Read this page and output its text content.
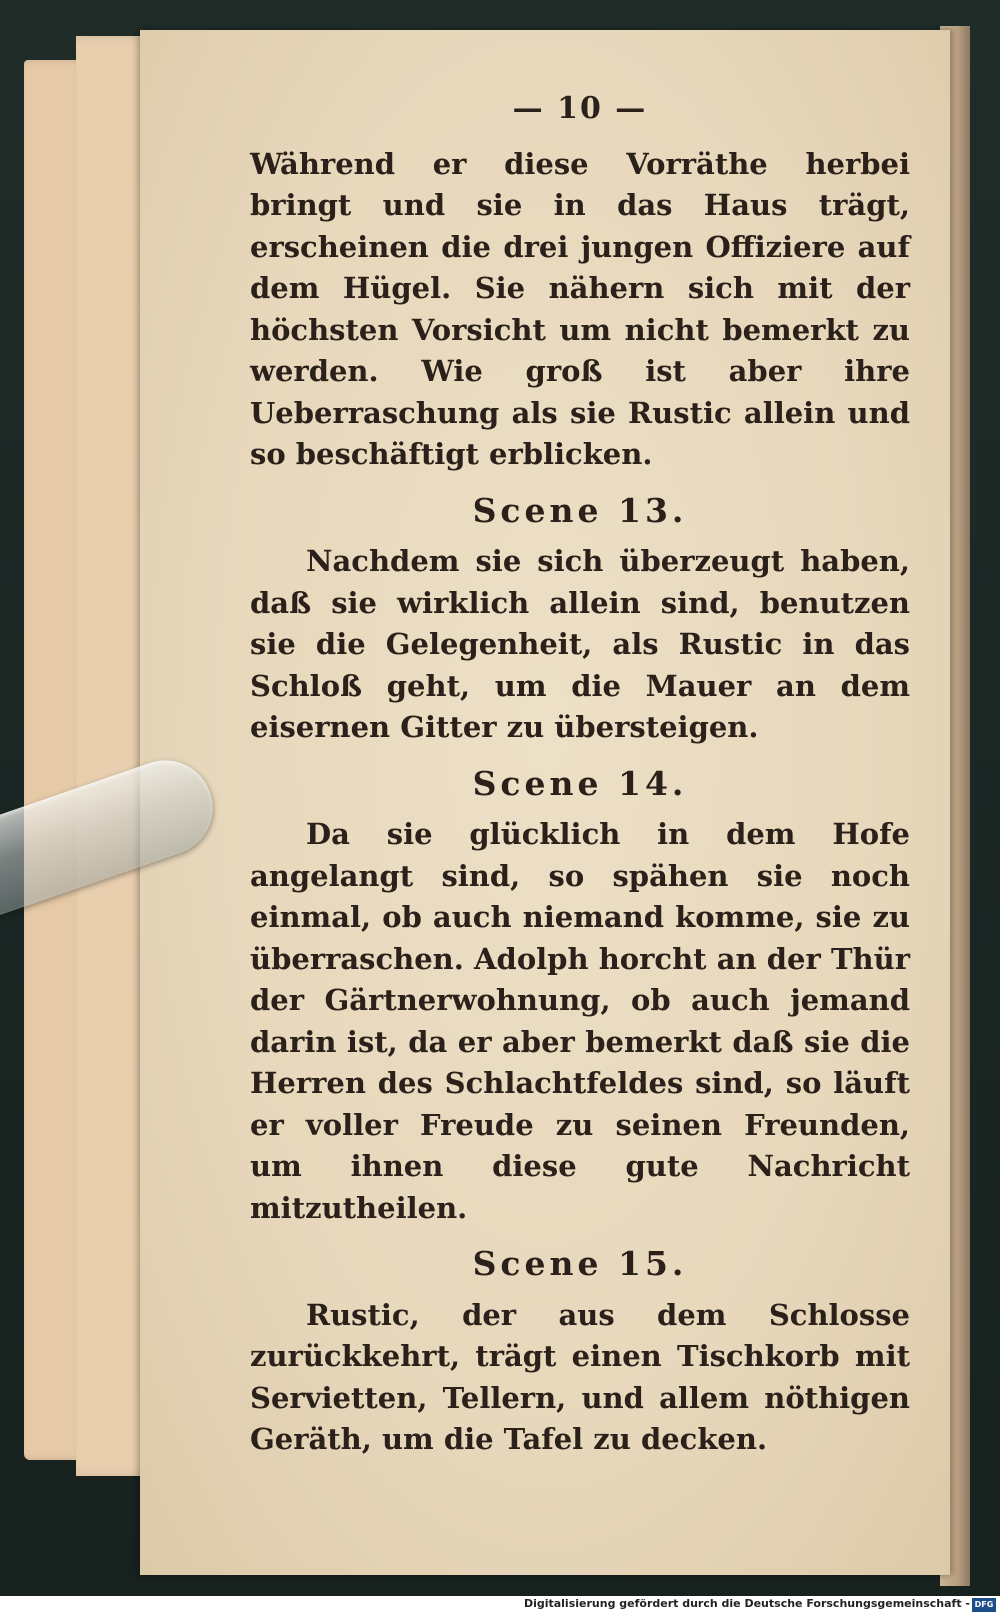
— 10 —

Während er diese Vorräthe herbei bringt und sie in das Haus trägt, erscheinen die drei jungen Offiziere auf dem Hügel. Sie nähern sich mit der höchsten Vorsicht um nicht bemerkt zu werden. Wie groß ist aber ihre Ueberraschung als sie Rustic allein und so beschäftigt erblicken.

Scene 13.

Nachdem sie sich überzeugt haben, daß sie wirklich allein sind, benutzen sie die Gelegenheit, als Rustic in das Schloß geht, um die Mauer an dem eisernen Gitter zu übersteigen.

Scene 14.

Da sie glücklich in dem Hofe angelangt sind, so spähen sie noch einmal, ob auch niemand komme, sie zu überraschen. Adolph horcht an der Thür der Gärtnerwohnung, ob auch jemand darin ist, da er aber bemerkt daß sie die Herren des Schlachtfeldes sind, so läuft er voller Freude zu seinen Freunden, um ihnen diese gute Nachricht mitzutheilen.

Scene 15.

Rustic, der aus dem Schlosse zurückkehrt, trägt einen Tischkorb mit Servietten, Tellern, und allem nöthigen Geräth, um die Tafel zu decken.

Digitalisierung gefördert durch die Deutsche Forschungsgemeinschaft - DFG
